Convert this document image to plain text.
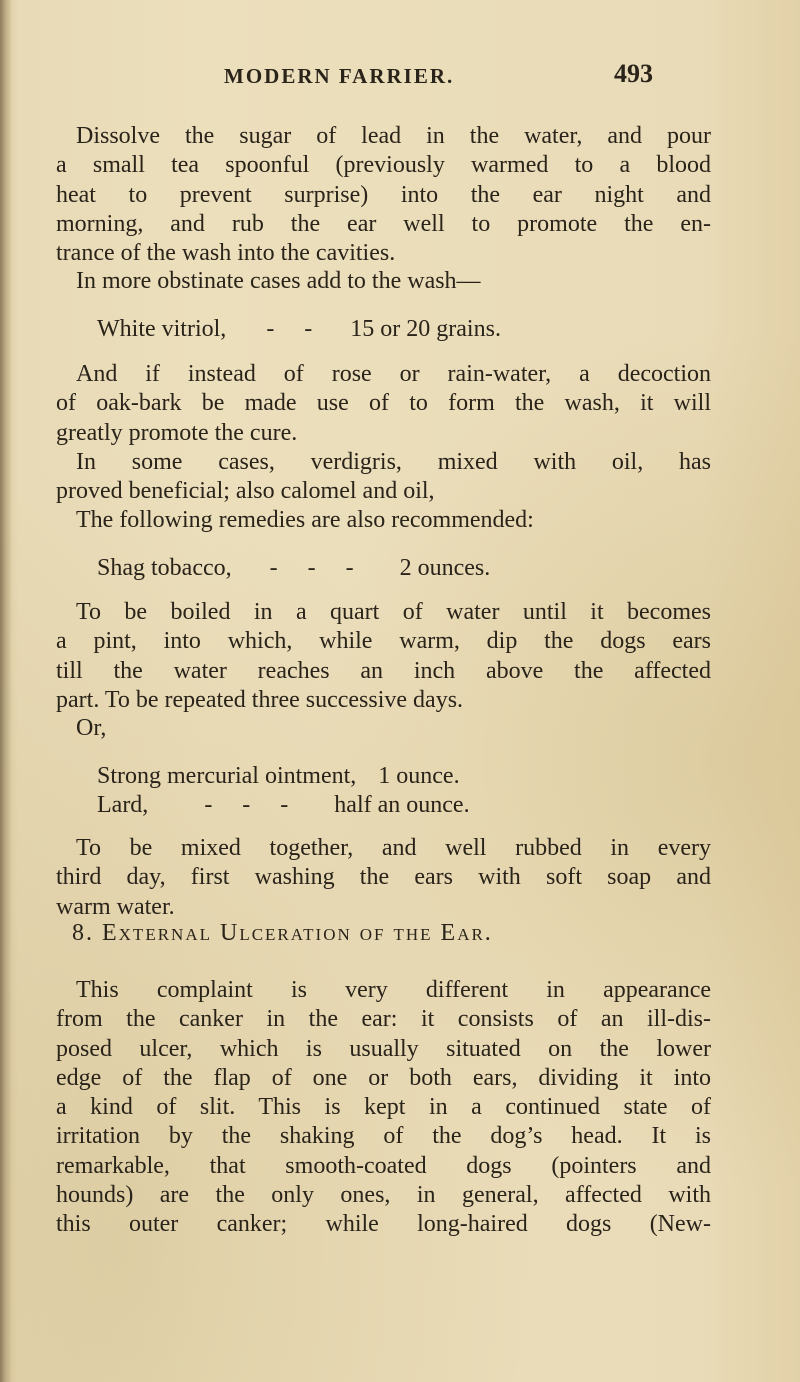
MODERN FARRIER.	493
Dissolve the sugar of lead in the water, and pour
a small tea spoonful (previously warmed to a blood
heat to prevent surprise) into the ear night and
morning, and rub the ear well to promote the en-
trance of the wash into the cavities.
In more obstinate cases add to the wash—
White vitriol, -     - 15 or 20 grains.
And if instead of rose or rain-water, a decoction
of oak-bark be made use of to form the wash, it will
greatly promote the cure.
In some cases, verdigris, mixed with oil, has
proved beneficial; also calomel and oil,
The following remedies are also recommended:
Shag tobacco, -     -     - 2 ounces.
To be boiled in a quart of water until it becomes
a pint, into which, while warm, dip the dogs ears
till the water reaches an inch above the affected
part. To be repeated three successive days.
Or,
Strong mercurial ointment, 1 ounce.
Lard, -     -     - half an ounce.
To be mixed together, and well rubbed in every
third day, first washing the ears with soft soap and
warm water.
8. External Ulceration of the Ear.
This complaint is very different in appearance
from the canker in the ear: it consists of an ill-dis-
posed ulcer, which is usually situated on the lower
edge of the flap of one or both ears, dividing it into
a kind of slit. This is kept in a continued state of
irritation by the shaking of the dog’s head. It is
remarkable, that smooth-coated dogs (pointers and
hounds) are the only ones, in general, affected with
this outer canker; while long-haired dogs (New-
